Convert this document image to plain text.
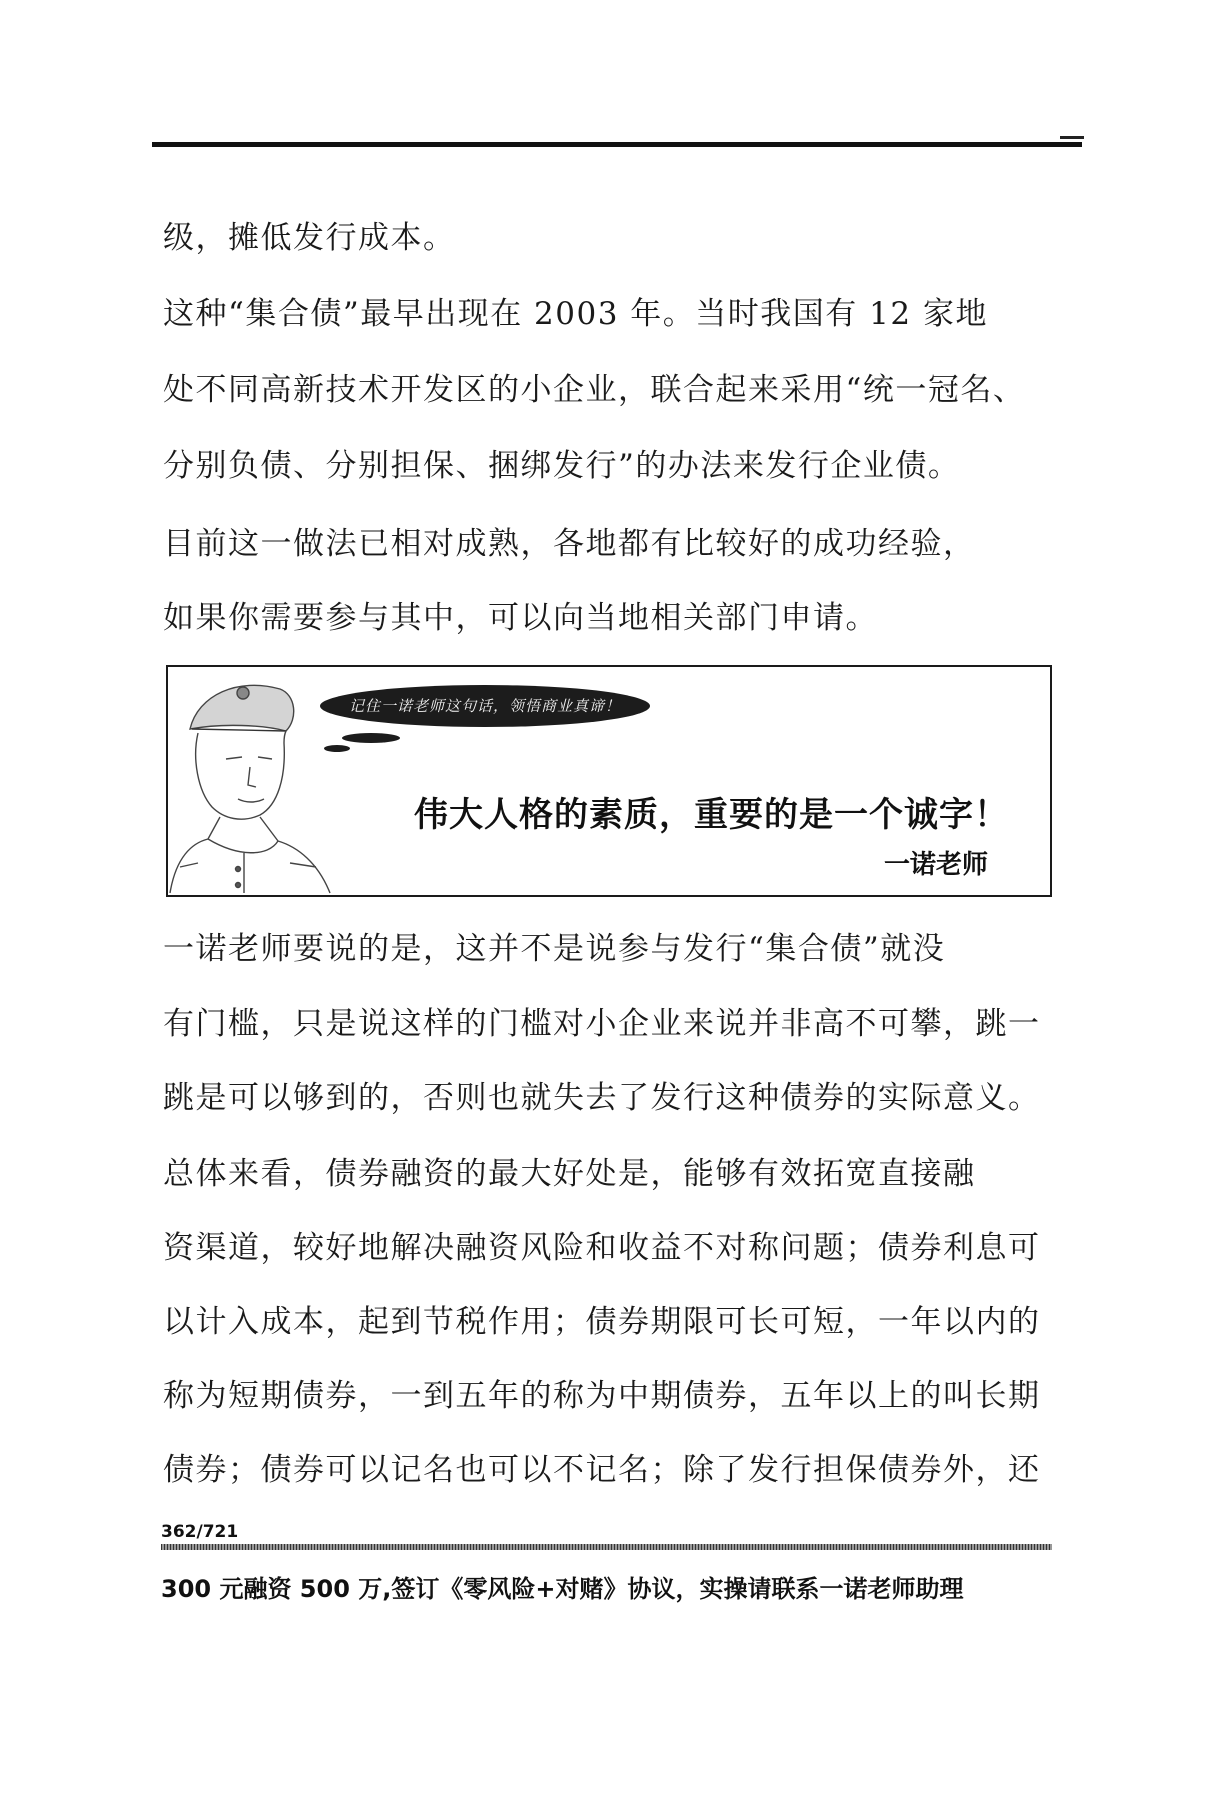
级，摊低发行成本。

这种“集合债”最早出现在 2003 年。当时我国有 12 家地

处不同高新技术开发区的小企业，联合起来采用“统一冠名、

分别负债、分别担保、捆绑发行”的办法来发行企业债。

目前这一做法已相对成熟，各地都有比较好的成功经验，

如果你需要参与其中，可以向当地相关部门申请。

记住一诺老师这句话，领悟商业真谛！
伟大人格的素质，重要的是一个诚字！
一诺老师

一诺老师要说的是，这并不是说参与发行“集合债”就没

有门槛，只是说这样的门槛对小企业来说并非高不可攀，跳一

跳是可以够到的，否则也就失去了发行这种债券的实际意义。

总体来看，债券融资的最大好处是，能够有效拓宽直接融

资渠道，较好地解决融资风险和收益不对称问题；债券利息可

以计入成本，起到节税作用；债券期限可长可短，一年以内的

称为短期债券，一到五年的称为中期债券，五年以上的叫长期

债券；债券可以记名也可以不记名；除了发行担保债券外，还

362/721
300 元融资 500 万,签订《零风险+对赌》协议，实操请联系一诺老师助理
